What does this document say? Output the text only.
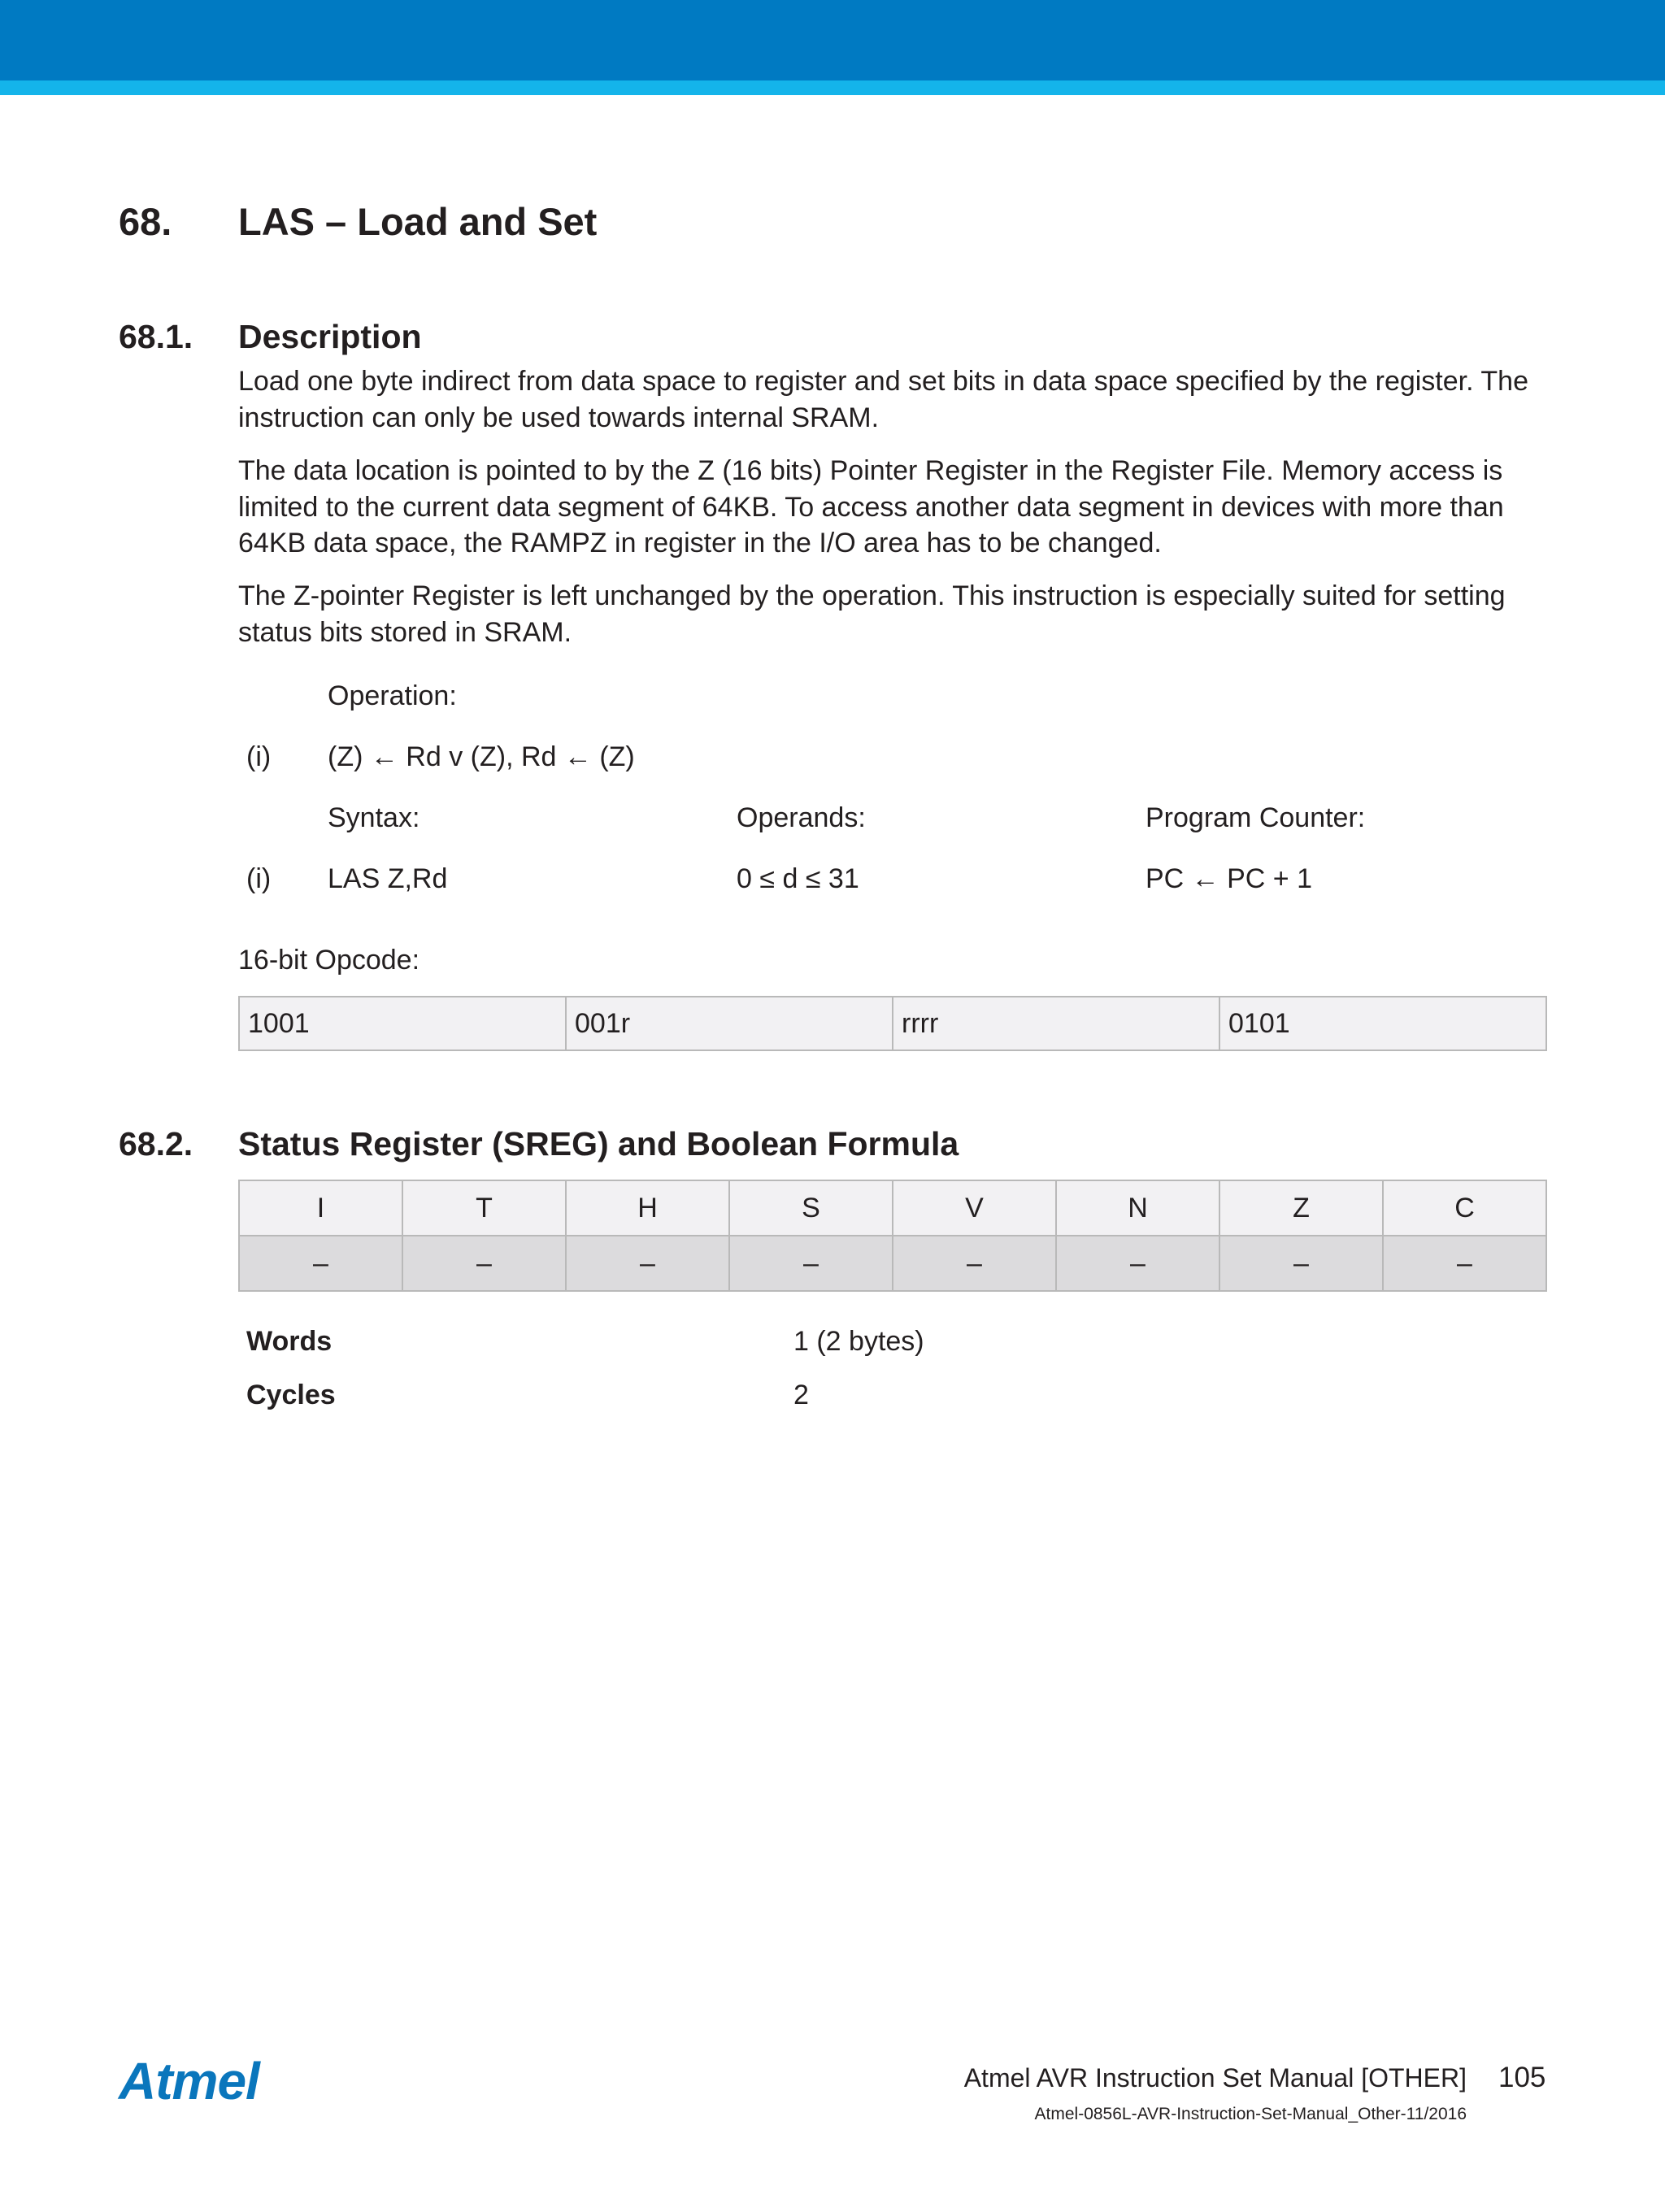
68. LAS – Load and Set
68.1. Description

Load one byte indirect from data space to register and set bits in data space specified by the register. The instruction can only be used towards internal SRAM.

The data location is pointed to by the Z (16 bits) Pointer Register in the Register File. Memory access is limited to the current data segment of 64KB. To access another data segment in devices with more than 64KB data space, the RAMPZ in register in the I/O area has to be changed.

The Z-pointer Register is left unchanged by the operation. This instruction is especially suited for setting status bits stored in SRAM.

Operation:
(i) (Z) ← Rd v (Z), Rd ← (Z)
Syntax:	Operands:	Program Counter:
(i) LAS Z,Rd	0 ≤ d ≤ 31	PC ← PC + 1
16-bit Opcode:
1001	001r	rrrr	0101
68.2. Status Register (SREG) and Boolean Formula
I	T	H	S	V	N	Z	C
–	–	–	–	–	–	–	–
Words	1 (2 bytes)
Cycles	2
Atmel	Atmel AVR Instruction Set Manual [OTHER] 105
Atmel-0856L-AVR-Instruction-Set-Manual_Other-11/2016
